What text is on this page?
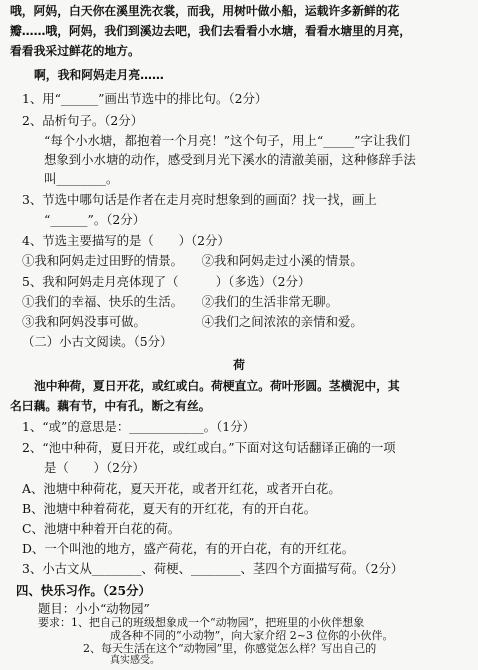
哦，阿妈，白天你在溪里洗衣裳，而我，用树叶做小船，运载许多新鲜的花
瓣……哦，阿妈，我们到溪边去吧，我们去看看小水塘，看看水塘里的月亮，
看看我采过鲜花的地方。
啊，我和阿妈走月亮……
1、用“______”画出节选中的排比句。（2分）
2、品析句子。（2分）
“每个小水塘，都抱着一个月亮！”这个句子，用上“_____”字让我们
想象到小水塘的动作，感受到月光下溪水的清澈美丽，这种修辞手法
叫________。
3、节选中哪句话是作者在走月亮时想象到的画面？找一找，画上
“______”。（2分）
4、节选主要描写的是（　　）（2分）
①我和阿妈走过田野的情景。　　②我和阿妈走过小溪的情景。
5、我和阿妈走月亮体现了（　　　）（多选）（2分）
①我们的幸福、快乐的生活。　　②我们的生活非常无聊。
③我和阿妈没事可做。　　　　　④我们之间浓浓的亲情和爱。
（二）小古文阅读。（5分）
荷
池中种荷，夏日开花，或红或白。荷梗直立。荷叶形圆。茎横泥中，其
名曰藕。藕有节，中有孔，断之有丝。
1、“或”的意思是：____________。（1分）
2、“池中种荷，夏日开花，或红或白。”下面对这句话翻译正确的一项
是（　　）（2分）
A、池塘中种荷花，夏天开花，或者开红花，或者开白花。
B、池塘中种着荷花，夏天有的开红花，有的开白花。
C、池塘中种着开白花的荷。
D、一个叫池的地方，盛产荷花，有的开白花，有的开红花。
3、小古文从________、荷梗、________、茎四个方面描写荷。（2分）
四、快乐习作。（25分）
题目：小小“动物园”
要求：1、把自己的班级想象成一个“动物园”，把班里的小伙伴想象
成各种不同的“小动物”，向大家介绍 2~3 位你的小伙伴。
2、每天生活在这个“动物园”里，你感觉怎么样？写出自己的
真实感受。
